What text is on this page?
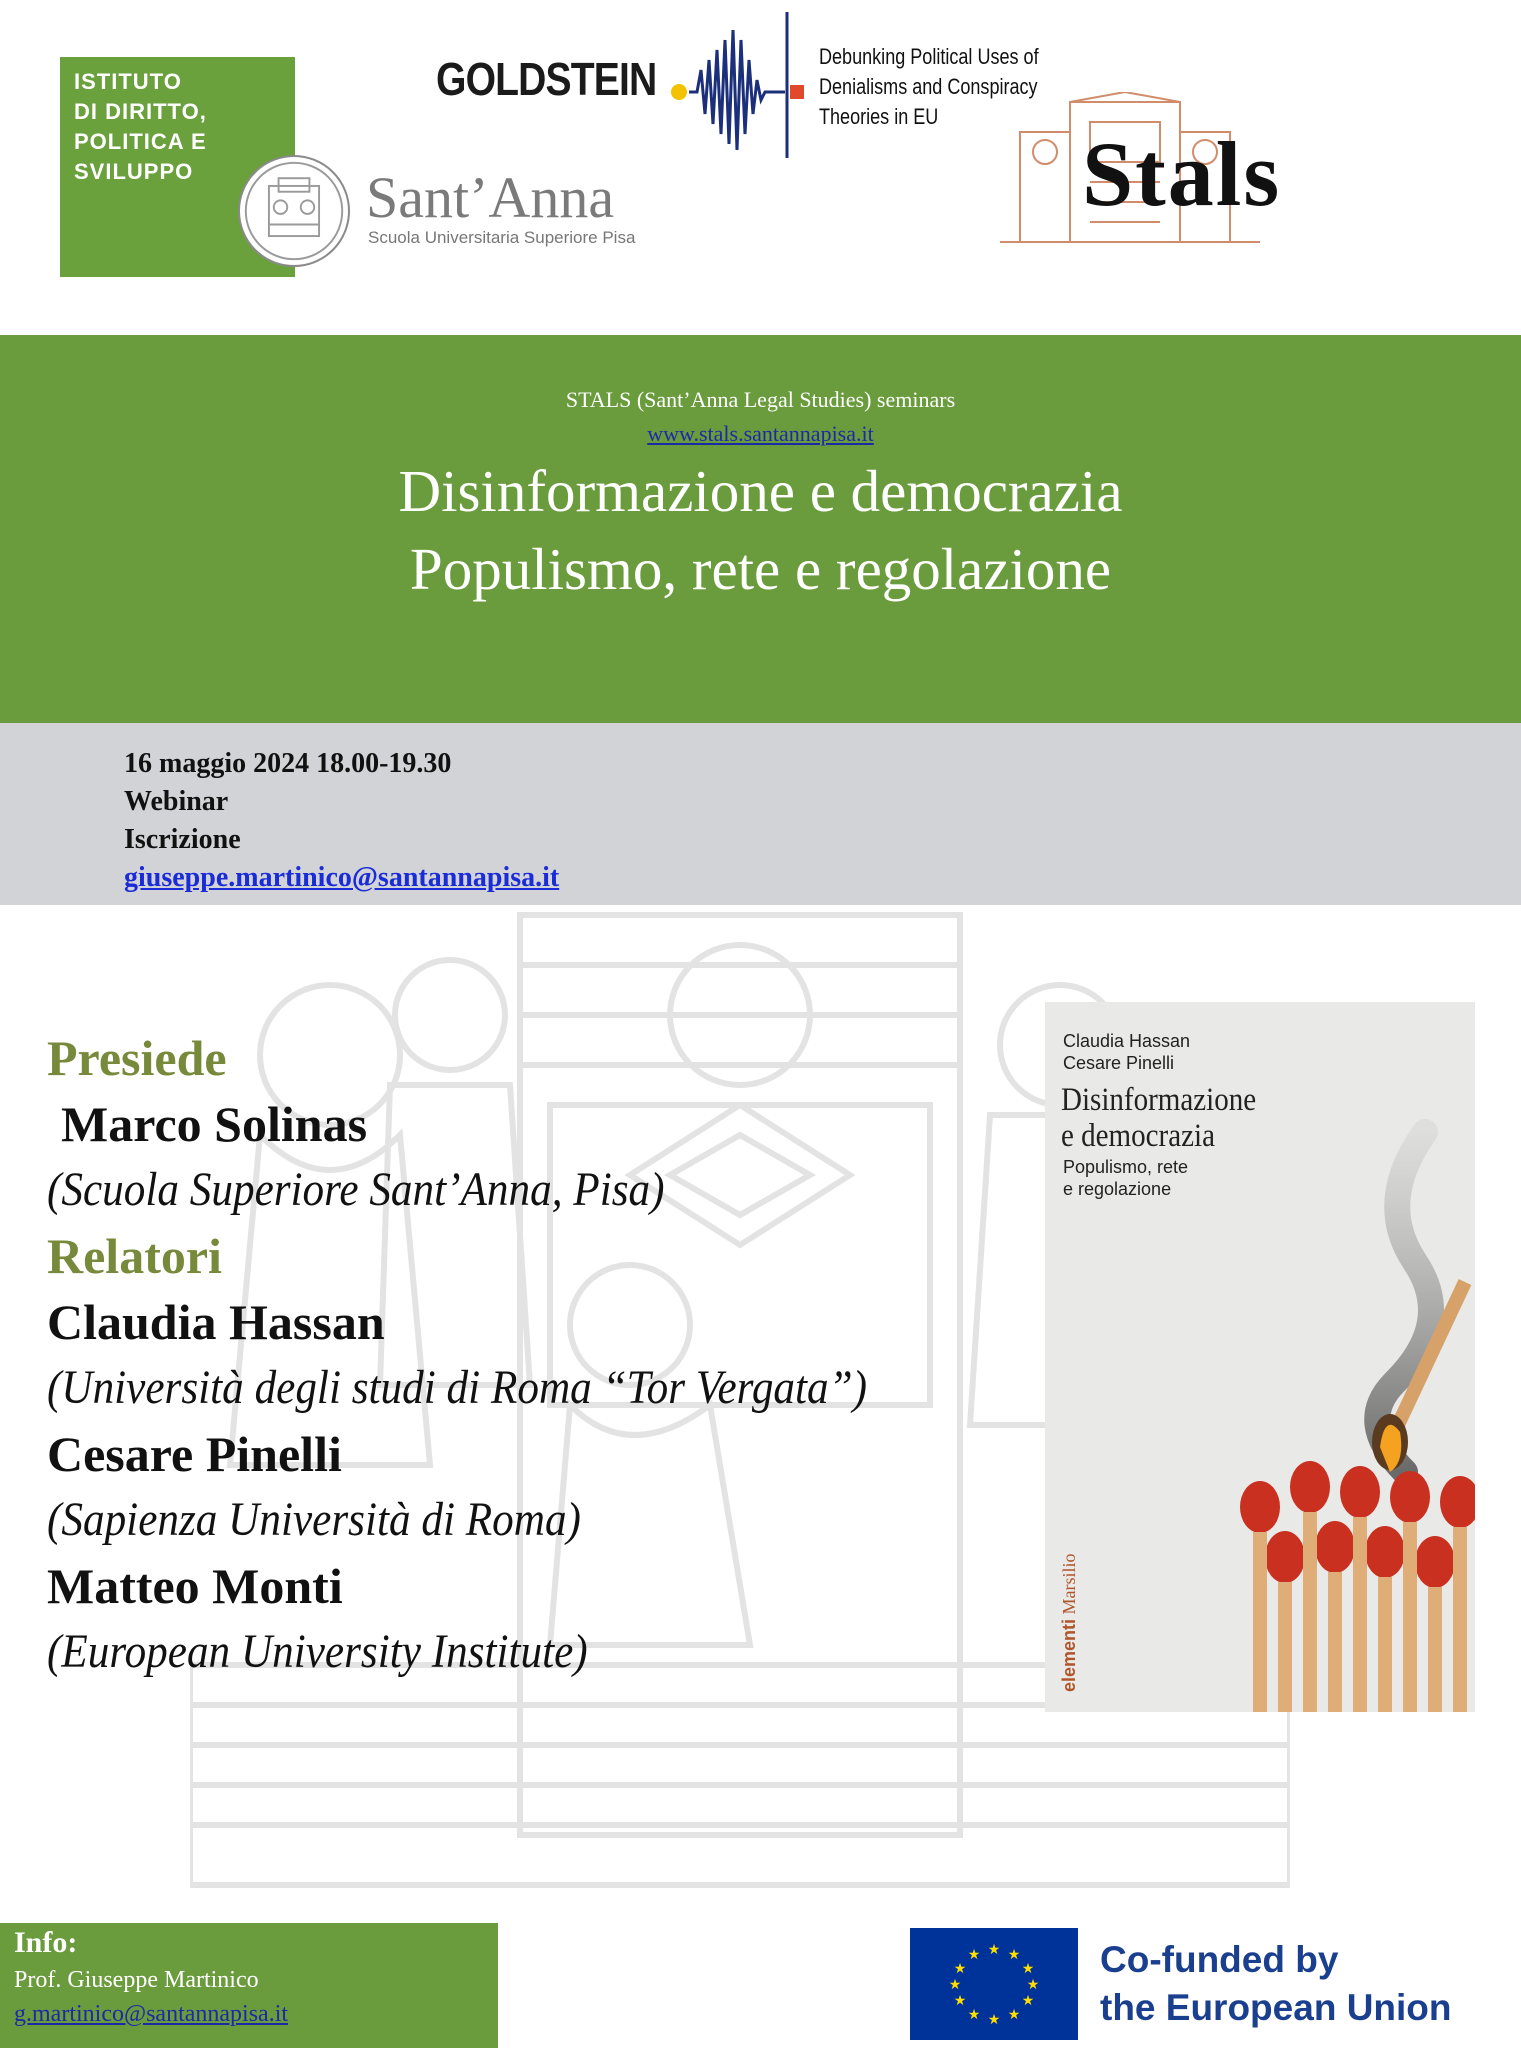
ISTITUTO
DI DIRITTO,
POLITICA E
SVILUPPO	Sant’Anna
Scuola Universitaria Superiore Pisa
GOLDSTEIN	Debunking Political Uses of
Denialisms and Conspiracy
Theories in EU
Stals
STALS (Sant’Anna Legal Studies) seminars
www.stals.santannapisa.it
Disinformazione e democrazia
Populismo, rete e regolazione
16 maggio 2024 18.00-19.30
Webinar
Iscrizione
giuseppe.martinico@santannapisa.it
Presiede
Marco Solinas
(Scuola Superiore Sant’Anna, Pisa)
Relatori
Claudia Hassan
(Università degli studi di Roma “Tor Vergata”)
Cesare Pinelli
(Sapienza Università di Roma)
Matteo Monti
(European University Institute)
Claudia Hassan
Cesare Pinelli
Disinformazione
e democrazia
Populismo, rete
e regolazione
elementi Marsilio
Info:
Prof. Giuseppe Martinico
g.martinico@santannapisa.it
★ ★
★
★
★
★
★
★
★
★
★
★	Co-funded by
the European Union
